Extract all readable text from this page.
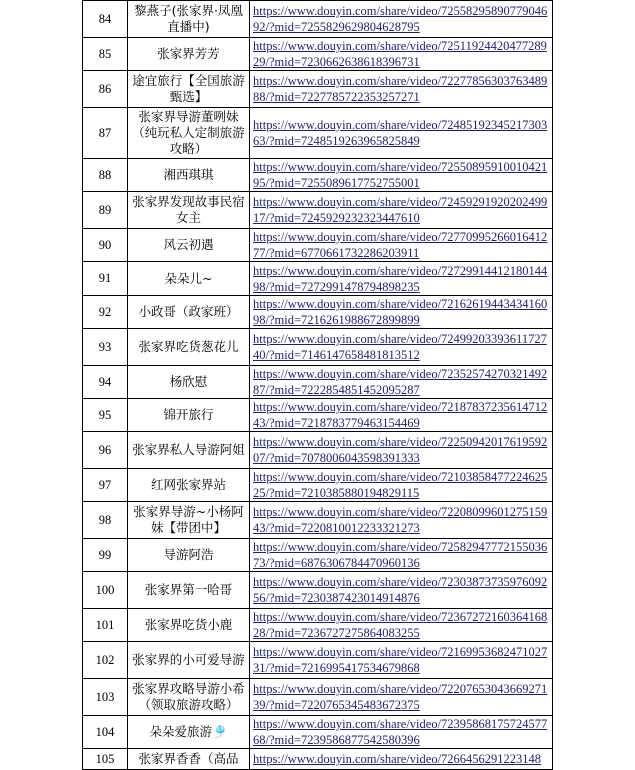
84	黎燕子(张家界·凤凰直播中)	https://www.douyin.com/share/video/7255829589077904692/?mid=7255829629804628795
85	张家界芳芳	https://www.douyin.com/share/video/7251192442047728929/?mid=7230662638618396731
86	途宜旅行【全国旅游甄选】	https://www.douyin.com/share/video/7227785630376348988/?mid=7227785722353257271
87	张家界导游董咧妹（纯玩私人定制旅游攻略）	https://www.douyin.com/share/video/7248519234521730363/?mid=7248519263965825849
88	湘西琪琪	https://www.douyin.com/share/video/7255089591001042195/?mid=7255089617752755001
89	张家界发现故事民宿女主	https://www.douyin.com/share/video/7245929192020249917/?mid=7245929232323447610
90	风云初遇	https://www.douyin.com/share/video/7277099526601641277/?mid=6770661732286203911
91	朵朵儿~	https://www.douyin.com/share/video/7272991441218014498/?mid=7272991478794898235
92	小政哥（政家班）	https://www.douyin.com/share/video/7216261944343416098/?mid=7216261988672899899
93	张家界吃货葱花儿	https://www.douyin.com/share/video/7249920339361172740/?mid=7146147658481813512
94	杨欣慰	https://www.douyin.com/share/video/7235257427032149287/?mid=7222854851452095287
95	锦开旅行	https://www.douyin.com/share/video/7218783723561471243/?mid=7218783779463154469
96	张家界私人导游阿姐	https://www.douyin.com/share/video/7225094201761959207/?mid=7078006043598391333
97	红网张家界站	https://www.douyin.com/share/video/7210385847722462525/?mid=7210385880194829115
98	张家界导游~小杨阿妹【带团中】	https://www.douyin.com/share/video/7220809960127515943/?mid=7220810012233321273
99	导游阿浩	https://www.douyin.com/share/video/7258294777215503673/?mid=6876306784470960136
100	张家界第一哈哥	https://www.douyin.com/share/video/7230387373597609256/?mid=7230387423014914876
101	张家界吃货小鹿	https://www.douyin.com/share/video/7236727216036416828/?mid=7236727275864083255
102	张家界的小可爱导游	https://www.douyin.com/share/video/7216995368247102731/?mid=7216995417534679868
103	张家界攻略导游小希（领取旅游攻略）	https://www.douyin.com/share/video/7220765304366927139/?mid=7220765345483672375
104	朵朵爱旅游🎐	https://www.douyin.com/share/video/7239586817572457768/?mid=7239586877542580396
105	张家界香香（高品	https://www.douyin.com/share/video/7266456291223148
